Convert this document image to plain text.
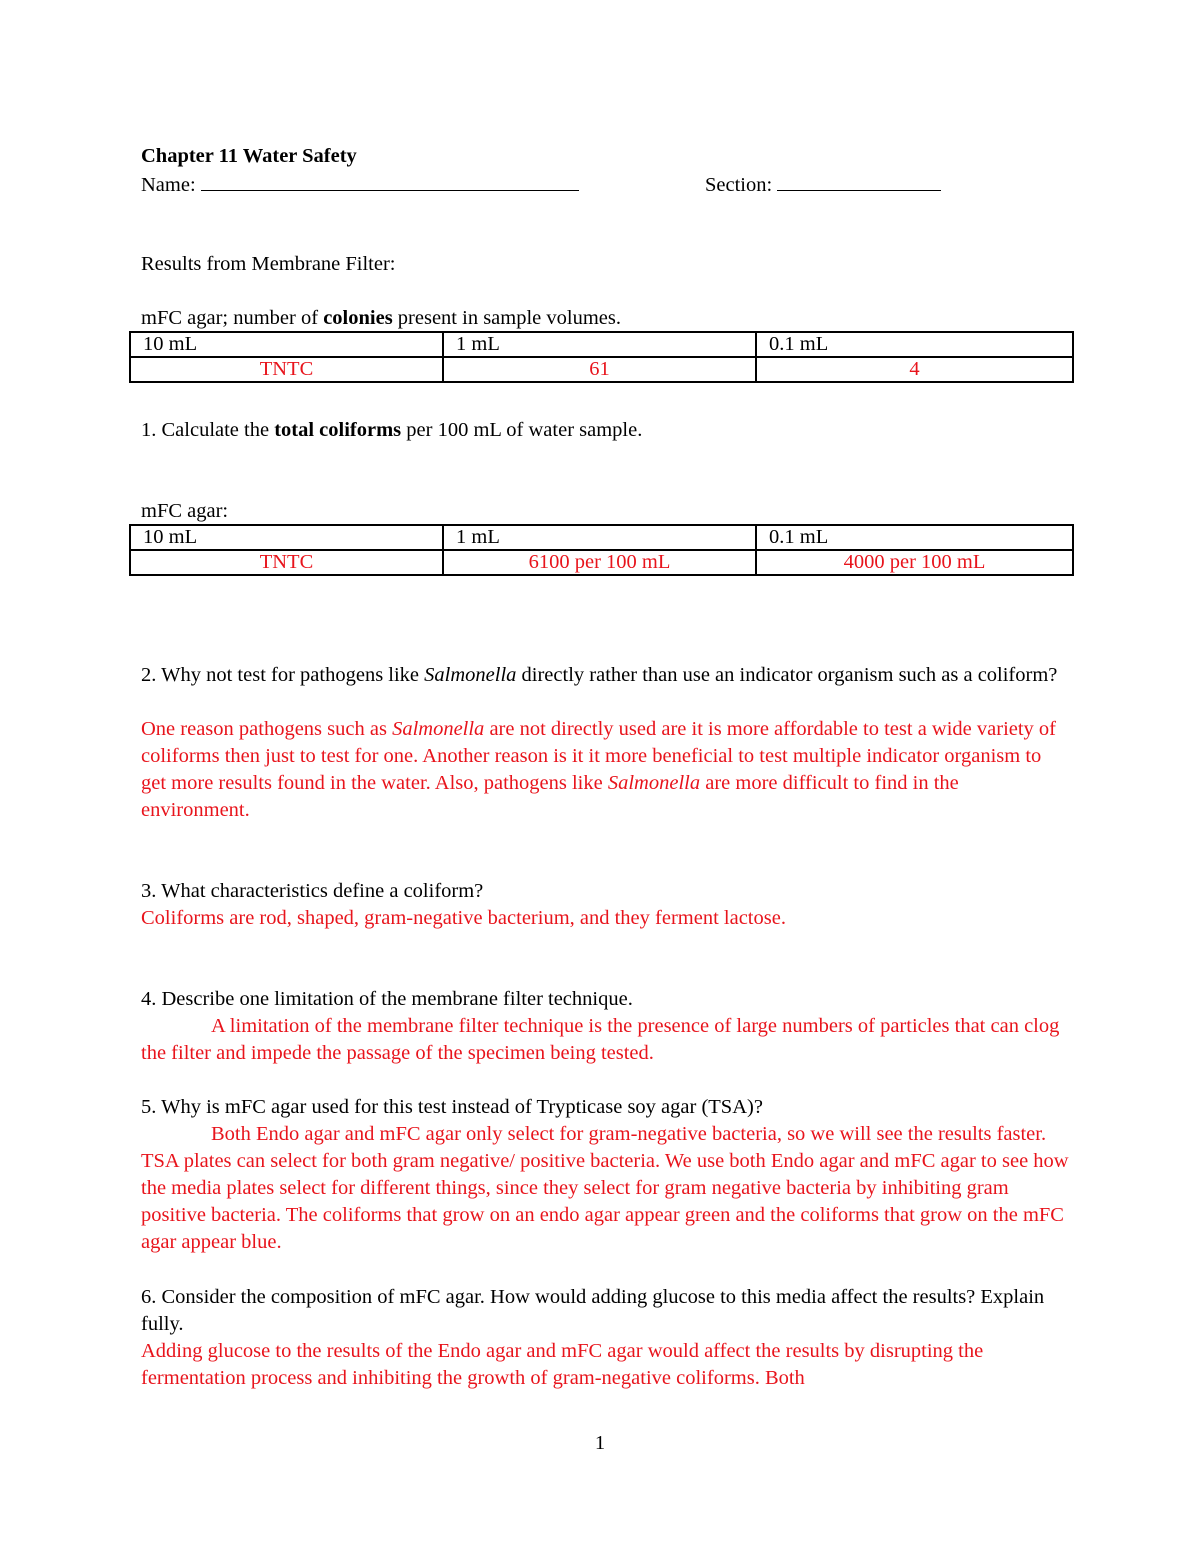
Chapter 11 Water Safety
Name:	Section:
Results from Membrane Filter:
mFC agar; number of colonies present in sample volumes.
10 mL	1 mL	0.1 mL
TNTC	61	4
1. Calculate the total coliforms per 100 mL of water sample.
mFC agar:
10 mL	1 mL	0.1 mL
TNTC	6100 per 100 mL	4000 per 100 mL
2. Why not test for pathogens like Salmonella directly rather than use an indicator organism such as a coliform?
One reason pathogens such as Salmonella are not directly used are it is more affordable to test a wide variety of coliforms then just to test for one. Another reason is it it more beneficial to test multiple indicator organism to get more results found in the water. Also, pathogens like Salmonella are more difficult to find in the environment.
3. What characteristics define a coliform?
Coliforms are rod, shaped, gram-negative bacterium, and they ferment lactose.
4. Describe one limitation of the membrane filter technique.
A limitation of the membrane filter technique is the presence of large numbers of particles that can clog the filter and impede the passage of the specimen being tested.
5. Why is mFC agar used for this test instead of Trypticase soy agar (TSA)?
Both Endo agar and mFC agar only select for gram-negative bacteria, so we will see the results faster. TSA plates can select for both gram negative/ positive bacteria. We use both Endo agar and mFC agar to see how the media plates select for different things, since they select for gram negative bacteria by inhibiting gram positive bacteria. The coliforms that grow on an endo agar appear green and the coliforms that grow on the mFC agar appear blue.
6. Consider the composition of mFC agar. How would adding glucose to this media affect the results? Explain fully.
Adding glucose to the results of the Endo agar and mFC agar would affect the results by disrupting the fermentation process and inhibiting the growth of gram-negative coliforms. Both
1
